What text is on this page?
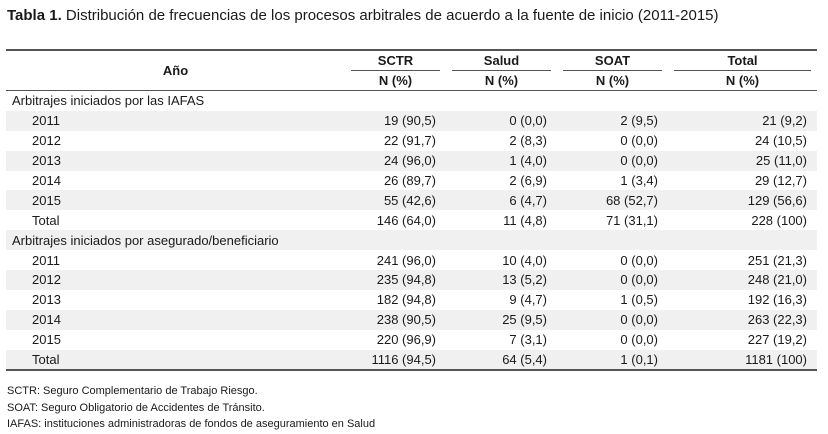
Tabla 1. Distribución de frecuencias de los procesos arbitrales de acuerdo a la fuente de inicio (2011-2015)
Año	SCTR	Salud	SOAT	Total

	N (%)	N (%)	N (%)	N (%)
Arbitrajes iniciados por las IAFAS				
2011	19 (90,5)	0 (0,0)	2 (9,5)	21 (9,2)
2012	22 (91,7)	2 (8,3)	0 (0,0)	24 (10,5)
2013	24 (96,0)	1 (4,0)	0 (0,0)	25 (11,0)
2014	26 (89,7)	2 (6,9)	1 (3,4)	29 (12,7)
2015	55 (42,6)	6 (4,7)	68 (52,7)	129 (56,6)
Total	146 (64,0)	11 (4,8)	71 (31,1)	228 (100)
Arbitrajes iniciados por asegurado/beneficiario				
2011	241 (96,0)	10 (4,0)	0 (0,0)	251 (21,3)
2012	235 (94,8)	13 (5,2)	0 (0,0)	248 (21,0)
2013	182 (94,8)	9 (4,7)	1 (0,5)	192 (16,3)
2014	238 (90,5)	25 (9,5)	0 (0,0)	263 (22,3)
2015	220 (96,9)	7 (3,1)	0 (0,0)	227 (19,2)
Total	1116 (94,5)	64 (5,4)	1 (0,1)	1181 (100)
SCTR: Seguro Complementario de Trabajo Riesgo.
SOAT: Seguro Obligatorio de Accidentes de Tránsito.
IAFAS: instituciones administradoras de fondos de aseguramiento en Salud
